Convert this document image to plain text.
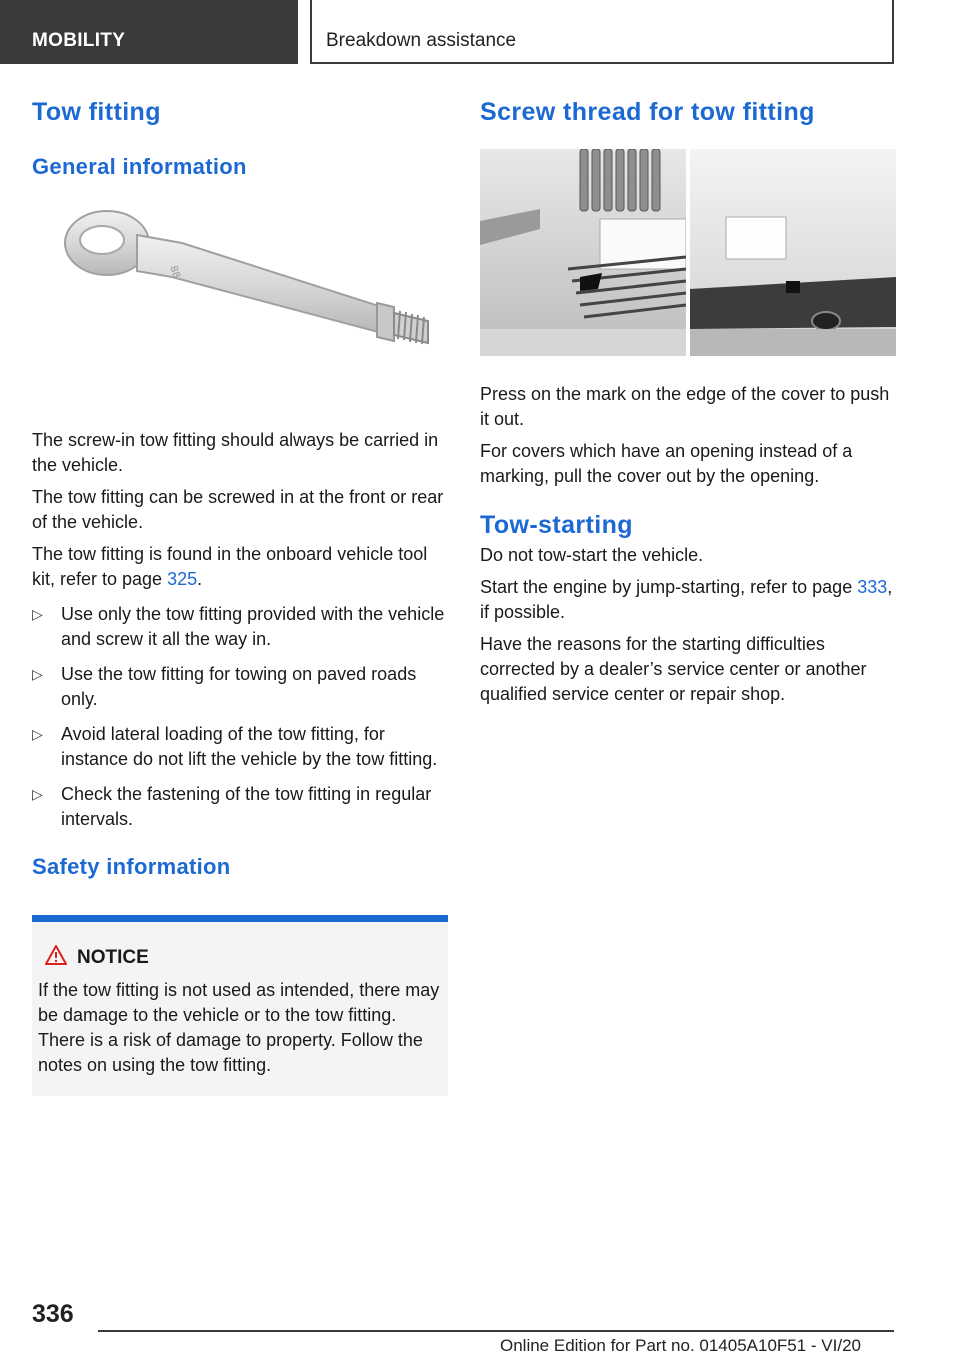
MOBILITY	Breakdown assistance
Tow fitting
General information
88

The screw-in tow fitting should always be carried in the vehicle.

The tow fitting can be screwed in at the front or rear of the vehicle.

The tow fitting is found in the onboard vehicle tool kit, refer to page 325.

▷ Use only the tow fitting provided with the vehicle and screw it all the way in.
▷ Use the tow fitting for towing on paved roads only.
▷ Avoid lateral loading of the tow fitting, for instance do not lift the vehicle by the tow fitting.
▷ Check the fastening of the tow fitting in regular intervals.
Safety information
NOTICE

If the tow fitting is not used as intended, there may be damage to the vehicle or to the tow fitting. There is a risk of damage to property. Follow the notes on using the tow fitting.

Screw thread for tow fitting

Press on the mark on the edge of the cover to push it out.

For covers which have an opening instead of a marking, pull the cover out by the opening.

Tow-starting

Do not tow-start the vehicle.

Start the engine by jump-starting, refer to page 333, if possible.

Have the reasons for the starting difficulties corrected by a dealer’s service center or another qualified service center or repair shop.

336
Online Edition for Part no. 01405A10F51 - VI/20
